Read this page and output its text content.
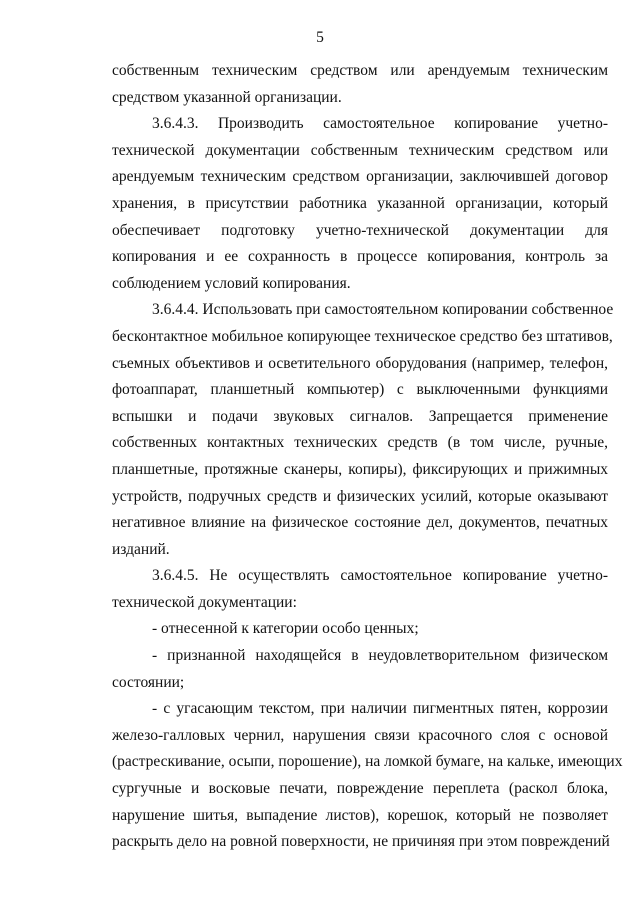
5

собственным техническим средством или арендуемым техническим
средством указанной организации.

3.6.4.3. Производить самостоятельное копирование учетно-
технической документации собственным техническим средством или
арендуемым техническим средством организации, заключившей договор
хранения, в присутствии работника указанной организации, который
обеспечивает подготовку учетно-технической документации для
копирования и ее сохранность в процессе копирования, контроль за
соблюдением условий копирования.

3.6.4.4. Использовать при самостоятельном копировании собственное
бесконтактное мобильное копирующее техническое средство без штативов,
съемных объективов и осветительного оборудования (например, телефон,
фотоаппарат, планшетный компьютер) с выключенными функциями
вспышки и подачи звуковых сигналов. Запрещается применение
собственных контактных технических средств (в том числе, ручные,
планшетные, протяжные сканеры, копиры), фиксирующих и прижимных
устройств, подручных средств и физических усилий, которые оказывают
негативное влияние на физическое состояние дел, документов, печатных
изданий.

3.6.4.5. Не осуществлять самостоятельное копирование учетно-
технической документации:

- отнесенной к категории особо ценных;

- признанной находящейся в неудовлетворительном физическом
состоянии;

- с угасающим текстом, при наличии пигментных пятен, коррозии
железо-галловых чернил, нарушения связи красочного слоя с основой
(растрескивание, осыпи, порошение), на ломкой бумаге, на кальке, имеющих
сургучные и восковые печати, повреждение переплета (раскол блока,
нарушение шитья, выпадение листов), корешок, который не позволяет
раскрыть дело на ровной поверхности, не причиняя при этом повреждений
